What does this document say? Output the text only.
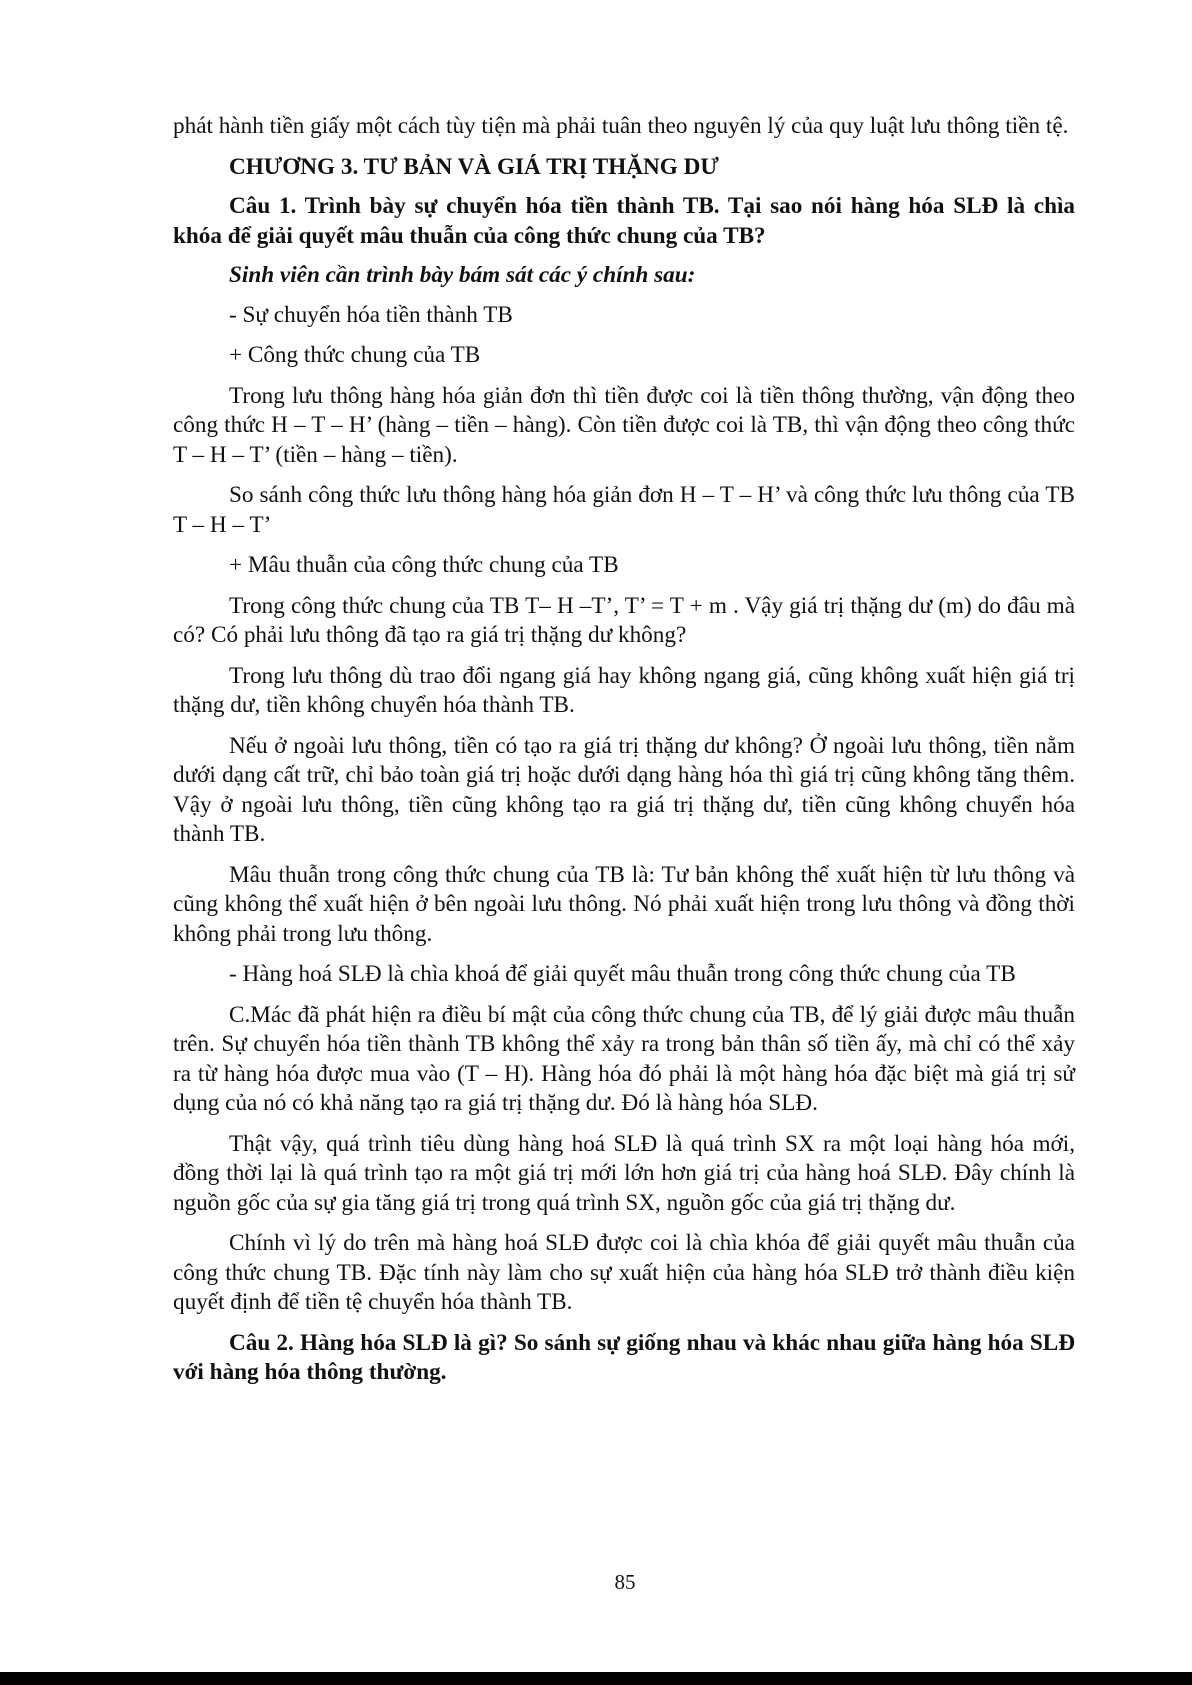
phát hành tiền giấy một cách tùy tiện mà phải tuân theo nguyên lý của quy luật lưu thông tiền tệ.

CHƯƠNG 3. TƯ BẢN VÀ GIÁ TRỊ THẶNG DƯ

Câu 1. Trình bày sự chuyển hóa tiền thành TB. Tại sao nói hàng hóa SLĐ là chìa khóa để giải quyết mâu thuẫn của công thức chung của TB?

Sinh viên cần trình bày bám sát các ý chính sau:

- Sự chuyển hóa tiền thành TB

+ Công thức chung của TB

Trong lưu thông hàng hóa giản đơn thì tiền được coi là tiền thông thường, vận động theo công thức H – T – H’ (hàng – tiền – hàng). Còn tiền được coi là TB, thì vận động theo công thức T – H – T’ (tiền – hàng – tiền).

So sánh công thức lưu thông hàng hóa giản đơn H – T – H’ và công thức lưu thông của TB T – H – T’

+ Mâu thuẫn của công thức chung của TB

Trong công thức chung của TB T– H –T’, T’ = T + m . Vậy giá trị thặng dư (m) do đâu mà có? Có phải lưu thông đã tạo ra giá trị thặng dư không?

Trong lưu thông dù trao đổi ngang giá hay không ngang giá, cũng không xuất hiện giá trị thặng dư, tiền không chuyển hóa thành TB.

Nếu ở ngoài lưu thông, tiền có tạo ra giá trị thặng dư không? Ở ngoài lưu thông, tiền nằm dưới dạng cất trữ, chỉ bảo toàn giá trị hoặc dưới dạng hàng hóa thì giá trị cũng không tăng thêm. Vậy ở ngoài lưu thông, tiền cũng không tạo ra giá trị thặng dư, tiền cũng không chuyển hóa thành TB.

Mâu thuẫn trong công thức chung của TB là: Tư bản không thể xuất hiện từ lưu thông và cũng không thể xuất hiện ở bên ngoài lưu thông. Nó phải xuất hiện trong lưu thông và đồng thời không phải trong lưu thông.

- Hàng hoá SLĐ là chìa khoá để giải quyết mâu thuẫn trong công thức chung của TB

C.Mác đã phát hiện ra điều bí mật của công thức chung của TB, để lý giải được mâu thuẫn trên. Sự chuyển hóa tiền thành TB không thể xảy ra trong bản thân số tiền ấy, mà chỉ có thể xảy ra từ hàng hóa được mua vào (T – H). Hàng hóa đó phải là một hàng hóa đặc biệt mà giá trị sử dụng của nó có khả năng tạo ra giá trị thặng dư. Đó là hàng hóa SLĐ.

Thật vậy, quá trình tiêu dùng hàng hoá SLĐ là quá trình SX ra một loại hàng hóa mới, đồng thời lại là quá trình tạo ra một giá trị mới lớn hơn giá trị của hàng hoá SLĐ. Đây chính là nguồn gốc của sự gia tăng giá trị trong quá trình SX, nguồn gốc của giá trị thặng dư.

Chính vì lý do trên mà hàng hoá SLĐ được coi là chìa khóa để giải quyết mâu thuẫn của công thức chung TB. Đặc tính này làm cho sự xuất hiện của hàng hóa SLĐ trở thành điều kiện quyết định để tiền tệ chuyển hóa thành TB.

Câu 2. Hàng hóa SLĐ là gì? So sánh sự giống nhau và khác nhau giữa hàng hóa SLĐ với hàng hóa thông thường.

85
